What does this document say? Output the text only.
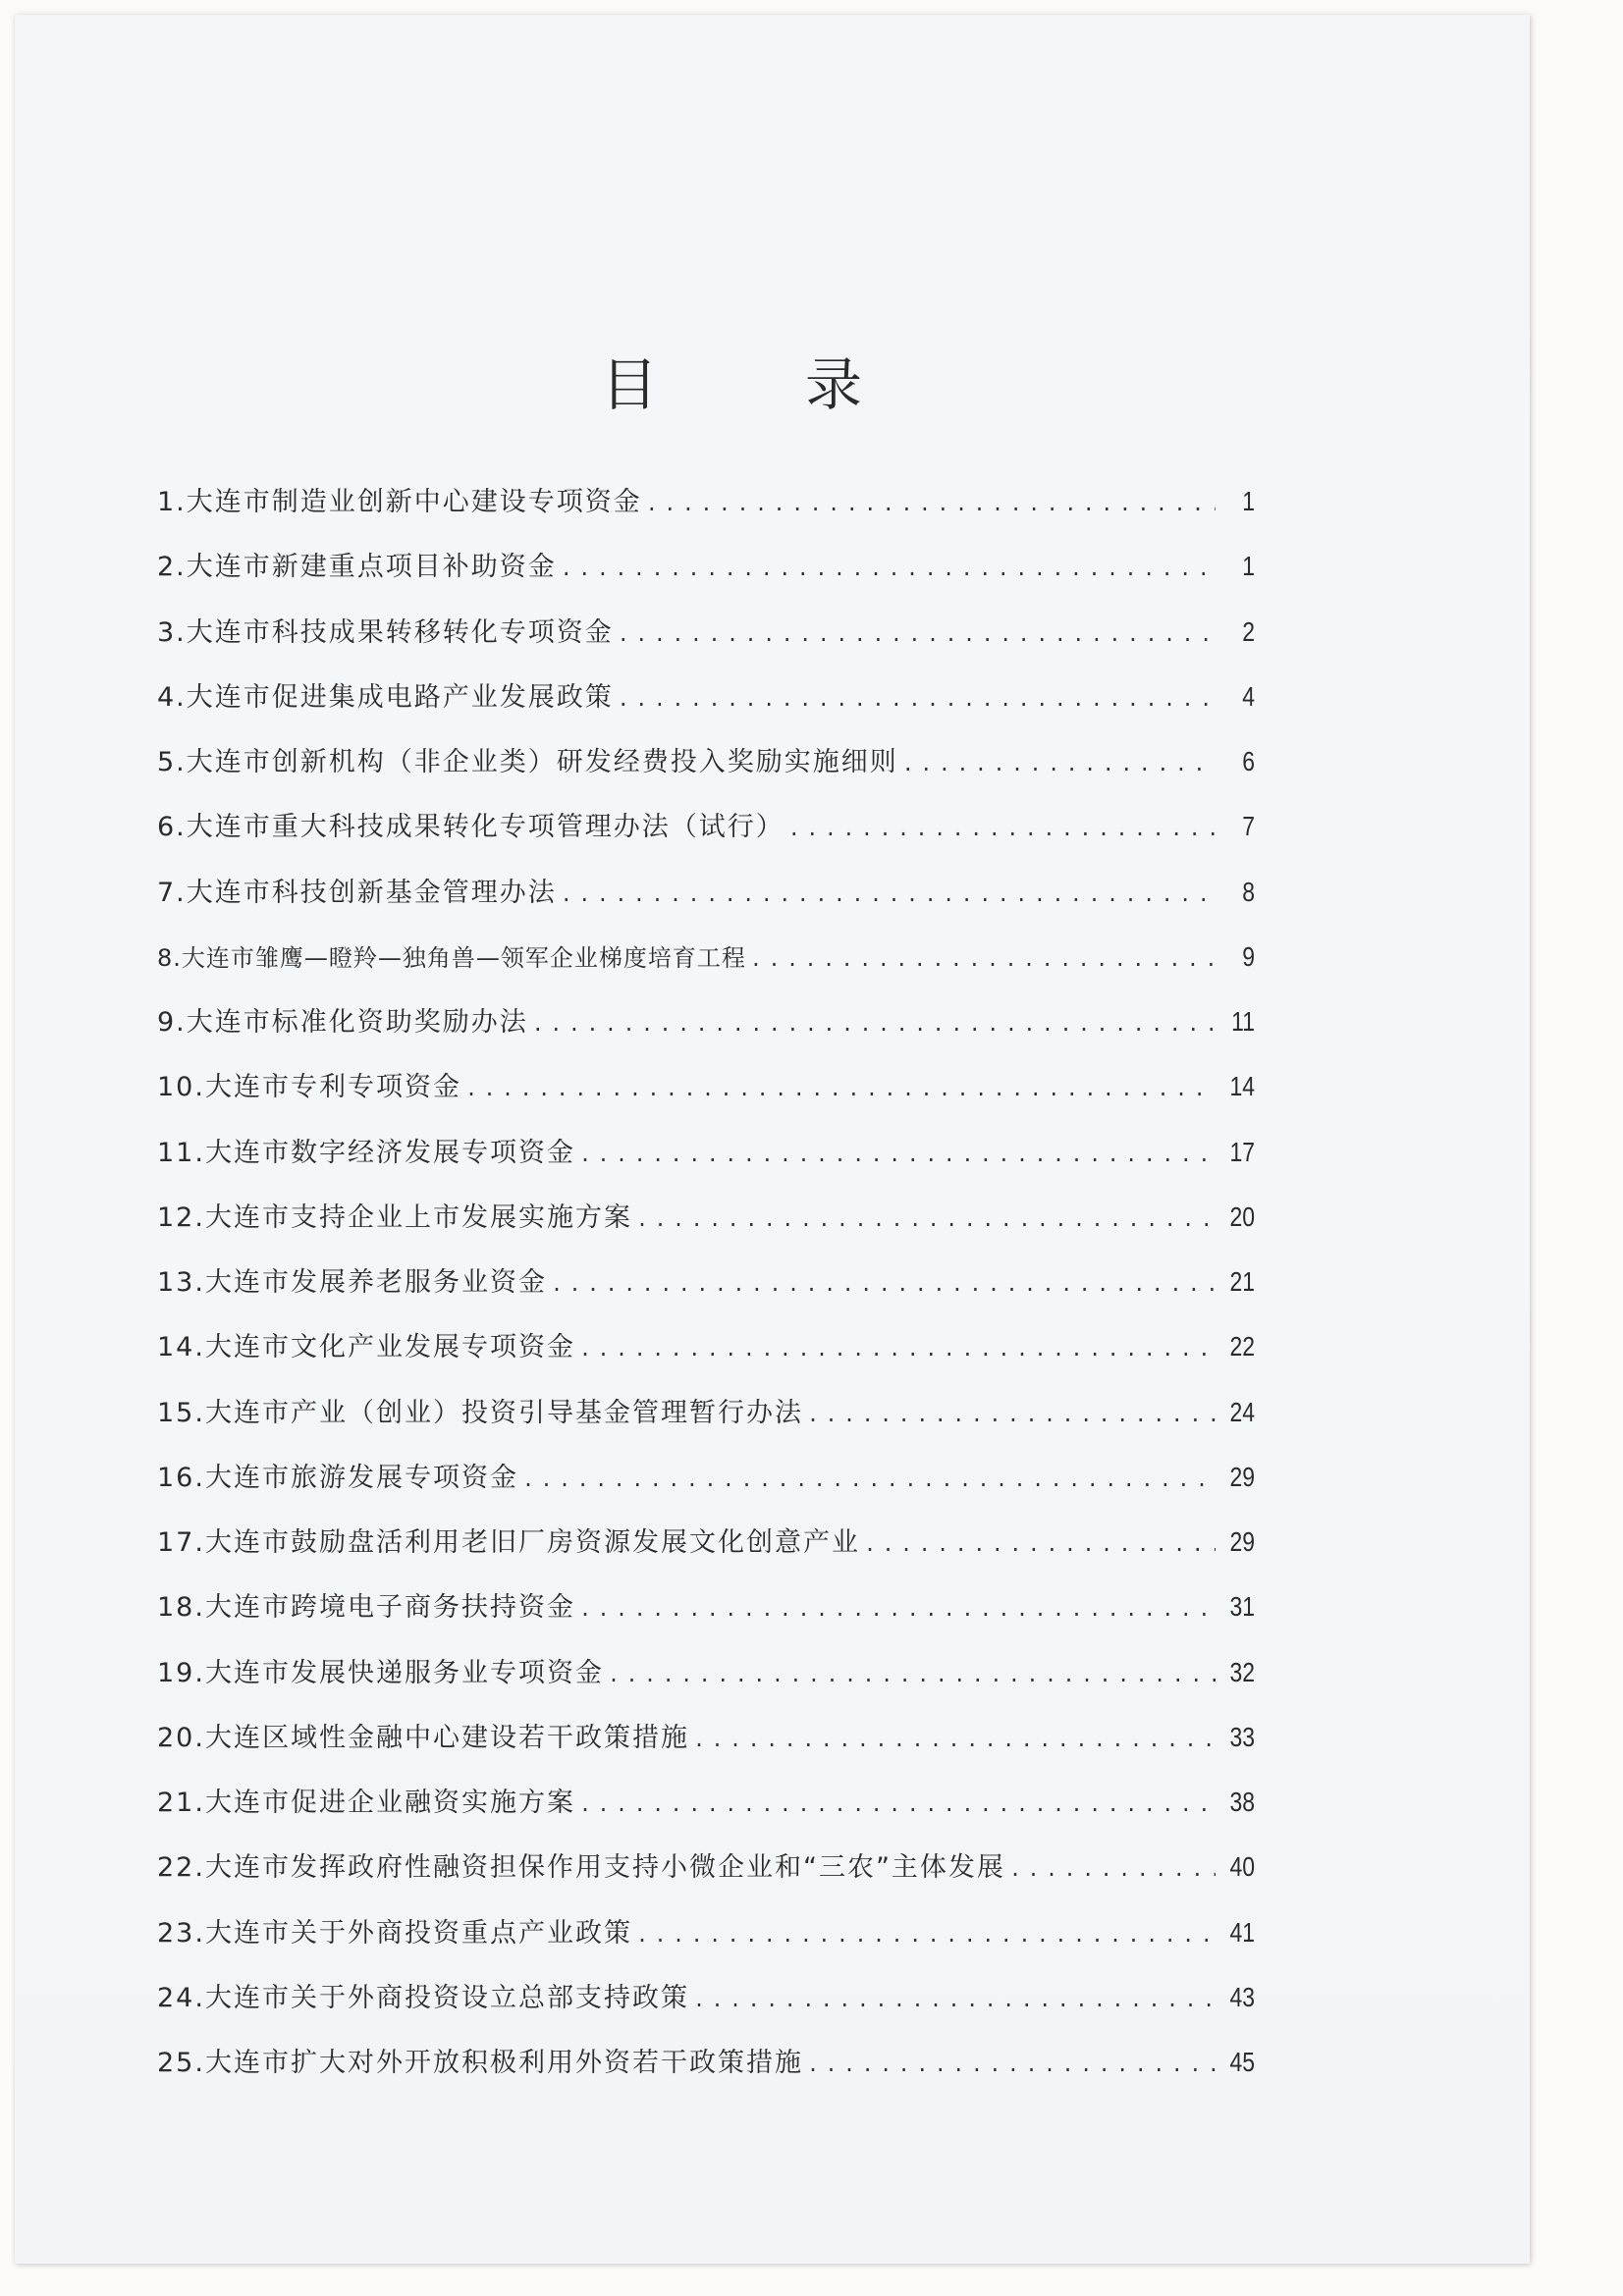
目录
1.大连市制造业创新中心建设专项资金 .....	1
2.大连市新建重点项目补助资金 .....	1
3.大连市科技成果转移转化专项资金 .....	2
4.大连市促进集成电路产业发展政策 .....	4
5.大连市创新机构（非企业类）研发经费投入奖励实施细则 .....	6
6.大连市重大科技成果转化专项管理办法（试行） .....	7
7.大连市科技创新基金管理办法 .....	8
8.大连市雏鹰—瞪羚—独角兽—领军企业梯度培育工程 .....	9
9.大连市标准化资助奖励办法 .....	11
10.大连市专利专项资金 .....	14
11.大连市数字经济发展专项资金 .....	17
12.大连市支持企业上市发展实施方案 .....	20
13.大连市发展养老服务业资金 .....	21
14.大连市文化产业发展专项资金 .....	22
15.大连市产业（创业）投资引导基金管理暂行办法 .....	24
16.大连市旅游发展专项资金 .....	29
17.大连市鼓励盘活利用老旧厂房资源发展文化创意产业 .....	29
18.大连市跨境电子商务扶持资金 .....	31
19.大连市发展快递服务业专项资金 .....	32
20.大连区域性金融中心建设若干政策措施 .....	33
21.大连市促进企业融资实施方案 .....	38
22.大连市发挥政府性融资担保作用支持小微企业和“三农”主体发展 .....	40
23.大连市关于外商投资重点产业政策 .....	41
24.大连市关于外商投资设立总部支持政策 .....	43
25.大连市扩大对外开放积极利用外资若干政策措施 .....	45
